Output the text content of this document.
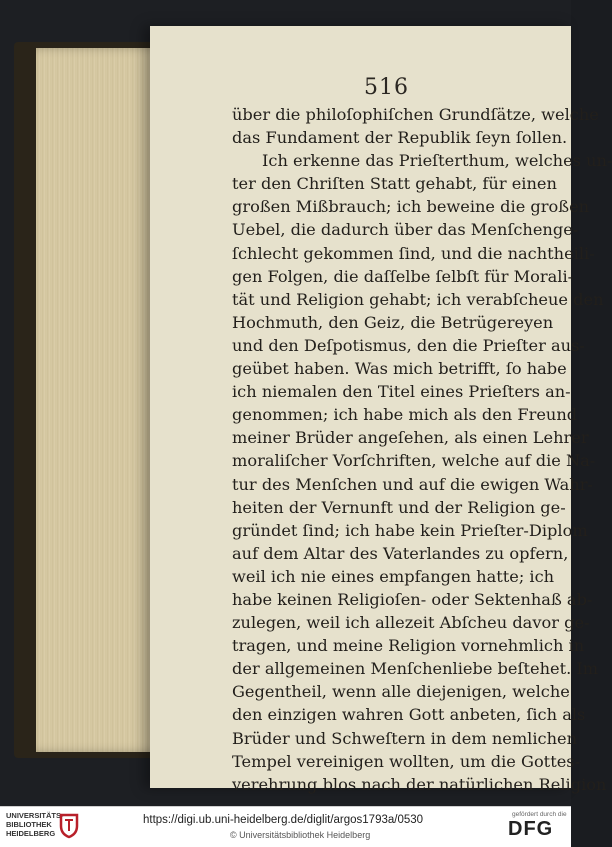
516
über die philoſophiſchen Grundſätze, welche
das Fundament der Republik ſeyn ſollen.
Ich erkenne das Prieſterthum, welches un-
ter den Chriſten Statt gehabt, für einen
großen Mißbrauch; ich beweine die großen
Uebel, die dadurch über das Menſchenge-
ſchlecht gekommen ſind, und die nachtheili-
gen Folgen, die daſſelbe ſelbſt für Morali-
tät und Religion gehabt; ich verabſcheue den
Hochmuth, den Geiz, die Betrügereyen
und den Deſpotismus, den die Prieſter aus-
geübet haben. Was mich betrifft, ſo habe
ich niemalen den Titel eines Prieſters an-
genommen; ich habe mich als den Freund
meiner Brüder angeſehen, als einen Lehrer
moraliſcher Vorſchriften, welche auf die Na-
tur des Menſchen und auf die ewigen Wahr-
heiten der Vernunft und der Religion ge-
gründet ſind; ich habe kein Prieſter-Diplom
auf dem Altar des Vaterlandes zu opfern,
weil ich nie eines empfangen hatte; ich
habe keinen Religioſen- oder Sektenhaß ab-
zulegen, weil ich allezeit Abſcheu davor ge-
tragen, und meine Religion vornehmlich in
der allgemeinen Menſchenliebe beſtehet. Im
Gegentheil, wenn alle diejenigen, welche
den einzigen wahren Gott anbeten, ſich als
Brüder und Schweſtern in dem nemlichen
Tempel vereinigen wollten, um die Gottes-
verehrung blos nach der natürlichen Religion
UNIVERSITÄTS-
BIBLIOTHEK
HEIDELBERG
https://digi.ub.uni-heidelberg.de/diglit/argos1793a/0530
© Universitätsbibliothek Heidelberg
gefördert durch die
DFG
